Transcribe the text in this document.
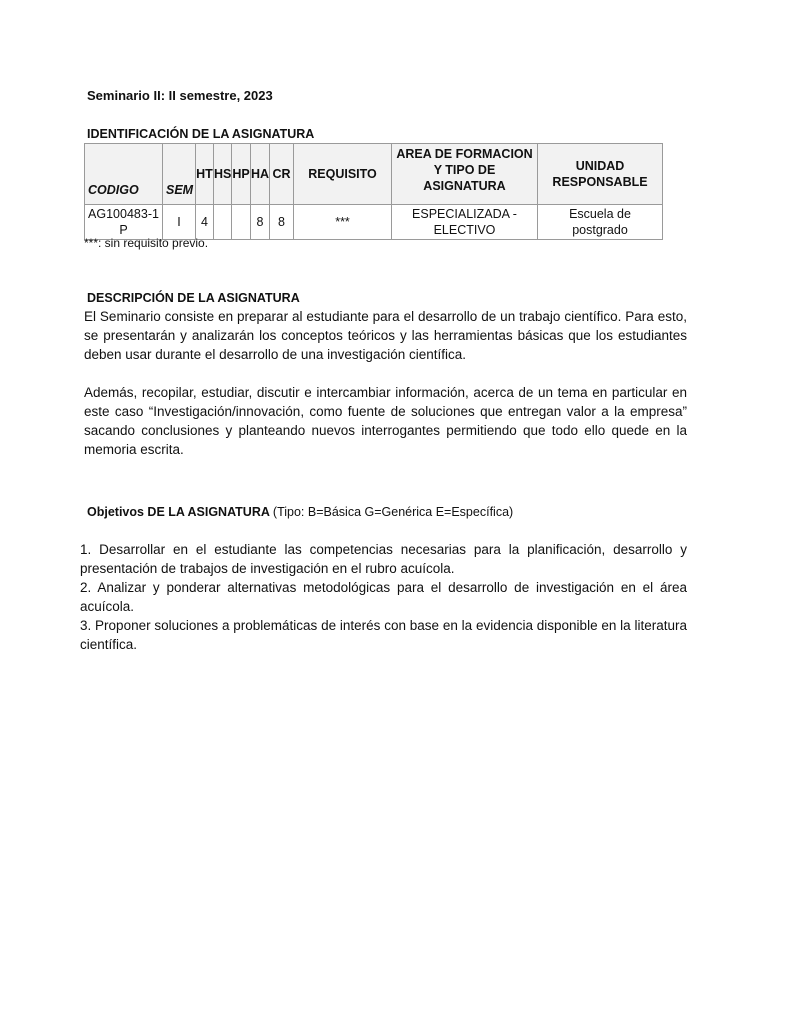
Seminario II: II semestre, 2023
IDENTIFICACIÓN DE LA ASIGNATURA
CODIGO	SEM	HT	HS	HP	HA	CR	REQUISITO	AREA DE FORMACION Y TIPO DE ASIGNATURA	UNIDAD RESPONSABLE
AG100483-1 P	I	4			8	8	***	ESPECIALIZADA - ELECTIVO	Escuela de postgrado
***: sin requisito previo.
DESCRIPCIÓN DE LA ASIGNATURA

El Seminario consiste en preparar al estudiante para el desarrollo de un trabajo científico. Para esto, se presentarán y analizarán los conceptos teóricos y las herramientas básicas que los estudiantes deben usar durante el desarrollo de una investigación científica.

Además, recopilar, estudiar, discutir e intercambiar información, acerca de un tema en particular en este caso “Investigación/innovación, como fuente de soluciones que entregan valor a la empresa” sacando conclusiones y planteando nuevos interrogantes permitiendo que todo ello quede en la memoria escrita.

Objetivos DE LA ASIGNATURA (Tipo: B=Básica G=Genérica E=Específica)

1. Desarrollar en el estudiante las competencias necesarias para la planificación, desarrollo y presentación de trabajos de investigación en el rubro acuícola.

2. Analizar y ponderar alternativas metodológicas para el desarrollo de investigación en el área acuícola.

3. Proponer soluciones a problemáticas de interés con base en la evidencia disponible en la literatura científica.
